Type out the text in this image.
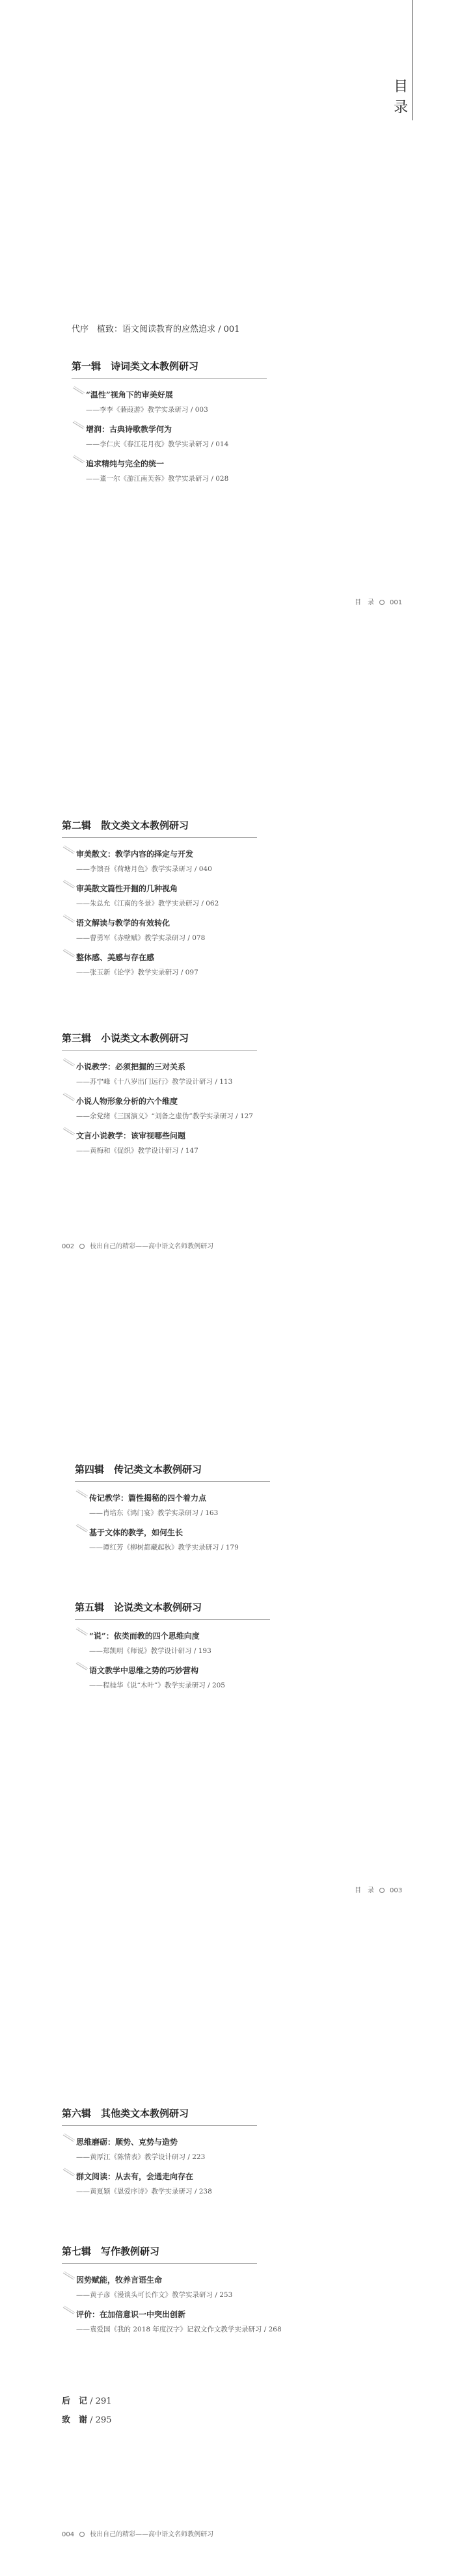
目
录
代序　植致：语文阅读教育的应然追求 / 001
第一辑　诗词类文本教例研习
“温性”视角下的审美好展
——李李《蒹葭游》教学实录研习 / 003
增润：古典诗歌教学何为
——李仁庆《春江花月夜》教学实录研习 / 014
追求精纯与完全的统一
——董一尔《游江南芙蓉》教学实录研习 / 028
目　录 001
第二辑　散文类文本教例研习
审美散文：教学内容的择定与开发
——李馈吾《荷塘月色》教学实录研习 / 040
审美散文篇性开掘的几种视角
——朱总允《江南的冬景》教学实录研习 / 062
语文解读与教学的有效转化
——曹勇军《赤壁赋》教学实录研习 / 078
整体感、美感与存在感
——张玉新《论学》教学实录研习 / 097
第三辑　小说类文本教例研习
小说教学：必须把握的三对关系
——苏宁峰《十八岁出门远行》教学设计研习 / 113
小说人物形象分析的六个维度
——余党绪《三国演义》“刘备之虚伪”教学实录研习 / 127
文言小说教学：该审视哪些问题
——黄梅和《促织》教学设计研习 / 147
002 枝出自己的精彩——高中语文名师教例研习
第四辑　传记类文本教例研习
传记教学：篇性揭秘的四个着力点
——肖培东《鸿门宴》教学实录研习 / 163
基于文体的教学，如何生长
——谭红芳《柳树都藏起秋》教学实录研习 / 179
第五辑　论说类文本教例研习
“说”：依类而教的四个思维向度
——郑凯明《师说》教学设计研习 / 193
语文教学中思维之势的巧妙营构
——程桂华《说“木叶”》教学实录研习 / 205
目　录 003
第六辑　其他类文本教例研习
思维磨砺：顺势、克势与造势
——黄厚江《陈情表》教学设计研习 / 223
群文阅读：从去有，会通走向存在
——黄夏颖《恩爱序诗》教学实录研习 / 238
第七辑　写作教例研习
因势赋能，牧养言语生命
——黄子彦《漫谈头可长作文》教学实录研习 / 253
评价：在加倍意识一中突出创新
——袁爱国《我的 2018 年度汉字》记叙文作文教学实录研习 / 268
后　记 / 291
致　谢 / 295
004 枝出自己的精彩——高中语文名师教例研习
